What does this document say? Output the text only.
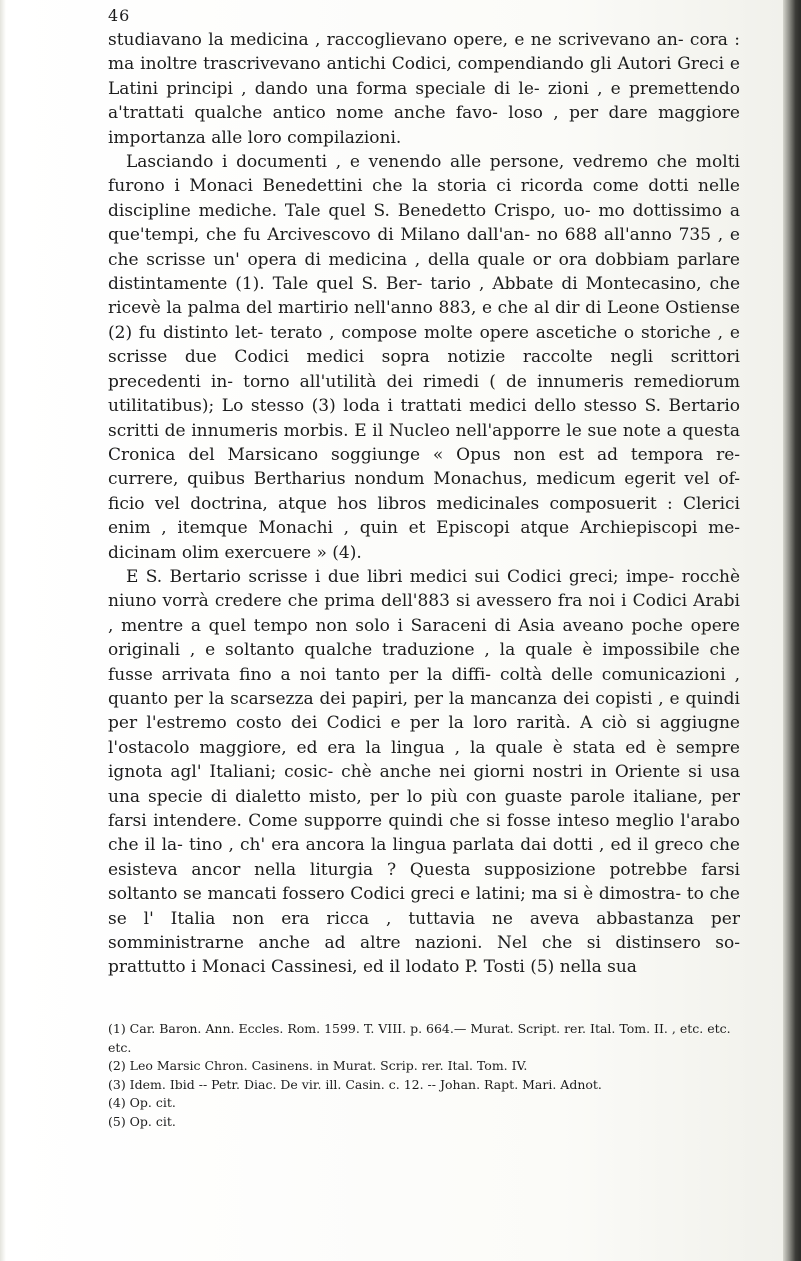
46

studiavano la medicina , raccoglievano opere, e ne scrivevano an- cora : ma inoltre trascrivevano antichi Codici, compendiando gli Autori Greci e Latini principi , dando una forma speciale di le- zioni , e premettendo a'trattati qualche antico nome anche favo- loso , per dare maggiore importanza alle loro compilazioni.

Lasciando i documenti , e venendo alle persone, vedremo che molti furono i Monaci Benedettini che la storia ci ricorda come dotti nelle discipline mediche. Tale quel S. Benedetto Crispo, uo- mo dottissimo a que'tempi, che fu Arcivescovo di Milano dall'an- no 688 all'anno 735 , e che scrisse un' opera di medicina , della quale or ora dobbiam parlare distintamente (1). Tale quel S. Ber- tario , Abbate di Montecasino, che ricevè la palma del martirio nell'anno 883, e che al dir di Leone Ostiense (2) fu distinto let- terato , compose molte opere ascetiche o storiche , e scrisse due Codici medici sopra notizie raccolte negli scrittori precedenti in- torno all'utilità dei rimedi ( de innumeris remediorum utilitatibus); Lo stesso (3) loda i trattati medici dello stesso S. Bertario scritti de innumeris morbis. E il Nucleo nell'apporre le sue note a questa Cronica del Marsicano soggiunge « Opus non est ad tempora re- currere, quibus Bertharius nondum Monachus, medicum egerit vel of- ficio vel doctrina, atque hos libros medicinales composuerit : Clerici enim , itemque Monachi , quin et Episcopi atque Archiepiscopi me- dicinam olim exercuere » (4).

E S. Bertario scrisse i due libri medici sui Codici greci; impe- rocchè niuno vorrà credere che prima dell'883 si avessero fra noi i Codici Arabi , mentre a quel tempo non solo i Saraceni di Asia aveano poche opere originali , e soltanto qualche traduzione , la quale è impossibile che fusse arrivata fino a noi tanto per la diffi- coltà delle comunicazioni , quanto per la scarsezza dei papiri, per la mancanza dei copisti , e quindi per l'estremo costo dei Codici e per la loro rarità. A ciò si aggiugne l'ostacolo maggiore, ed era la lingua , la quale è stata ed è sempre ignota agl' Italiani; cosic- chè anche nei giorni nostri in Oriente si usa una specie di dialetto misto, per lo più con guaste parole italiane, per farsi intendere. Come supporre quindi che si fosse inteso meglio l'arabo che il la- tino , ch' era ancora la lingua parlata dai dotti , ed il greco che esisteva ancor nella liturgia ? Questa supposizione potrebbe farsi soltanto se mancati fossero Codici greci e latini; ma si è dimostra- to che se l' Italia non era ricca , tuttavia ne aveva abbastanza per somministrarne anche ad altre nazioni. Nel che si distinsero so- prattutto i Monaci Cassinesi, ed il lodato P. Tosti (5) nella sua

(1) Car. Baron. Ann. Eccles. Rom. 1599. T. VIII. p. 664.— Murat. Script. rer. Ital. Tom. II. , etc. etc. etc.

(2) Leo Marsic Chron. Casinens. in Murat. Scrip. rer. Ital. Tom. IV.

(3) Idem. Ibid -- Petr. Diac. De vir. ill. Casin. c. 12. -- Johan. Rapt. Mari. Adnot.

(4) Op. cit.

(5) Op. cit.
